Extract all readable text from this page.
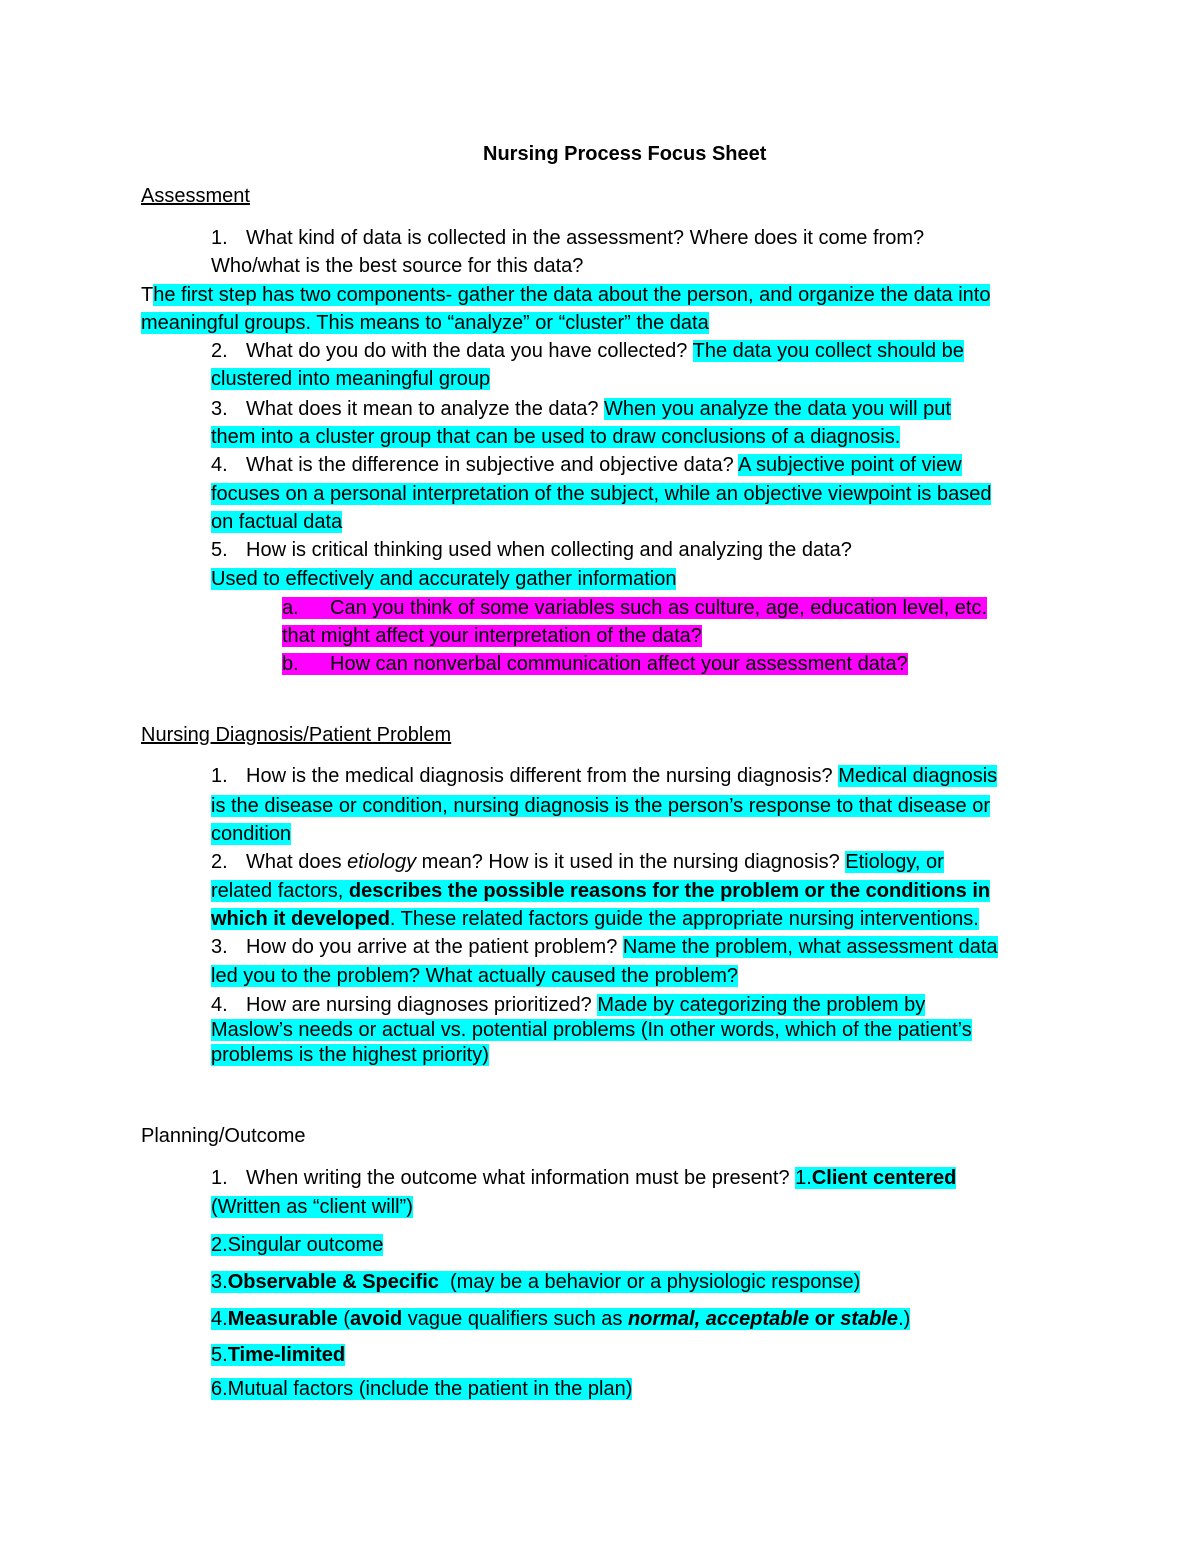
Nursing Process Focus Sheet
Assessment
1. What kind of data is collected in the assessment? Where does it come from?
Who/what is the best source for this data?
The first step has two components- gather the data about the person, and organize the data into
meaningful groups. This means to “analyze” or “cluster” the data
2. What do you do with the data you have collected? The data you collect should be
clustered into meaningful group
3. What does it mean to analyze the data? When you analyze the data you will put
them into a cluster group that can be used to draw conclusions of a diagnosis.
4. What is the difference in subjective and objective data? A subjective point of view
focuses on a personal interpretation of the subject, while an objective viewpoint is based
on factual data
5. How is critical thinking used when collecting and analyzing the data?
Used to effectively and accurately gather information
a. Can you think of some variables such as culture, age, education level, etc.
that might affect your interpretation of the data?
b. How can nonverbal communication affect your assessment data?
Nursing Diagnosis/Patient Problem
1. How is the medical diagnosis different from the nursing diagnosis? Medical diagnosis
is the disease or condition, nursing diagnosis is the person’s response to that disease or
condition
2. What does etiology mean? How is it used in the nursing diagnosis? Etiology, or
related factors, describes the possible reasons for the problem or the conditions in
which it developed. These related factors guide the appropriate nursing interventions.
3. How do you arrive at the patient problem? Name the problem, what assessment data
led you to the problem? What actually caused the problem?
4. How are nursing diagnoses prioritized? Made by categorizing the problem by
Maslow’s needs or actual vs. potential problems (In other words, which of the patient’s
problems is the highest priority)
Planning/Outcome
1. When writing the outcome what information must be present? 1.Client centered
(Written as “client will”)
2.Singular outcome
3.Observable & Specific (may be a behavior or a physiologic response)
4.Measurable (avoid vague qualifiers such as normal, acceptable or stable.)
5.Time-limited
6.Mutual factors (include the patient in the plan)
